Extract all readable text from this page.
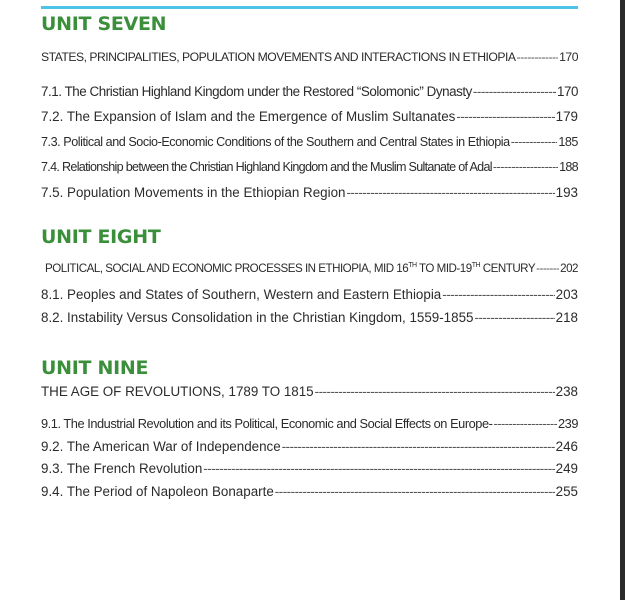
UNIT SEVEN
STATES, PRINCIPALITIES, POPULATION MOVEMENTS AND INTERACTIONS IN ETHIOPIA -----	170
7.1. The Christian Highland Kingdom under the Restored “Solomonic” Dynasty -----	170
7.2. The Expansion of Islam and the Emergence of Muslim Sultanates -----	179
7.3. Political and Socio-Economic Conditions of the Southern and Central States in Ethiopia -----	185
7.4. Relationship between the Christian Highland Kingdom and the Muslim Sultanate of Adal -----	188
7.5. Population Movements in the Ethiopian Region -----	193
UNIT EIGHT
POLITICAL, SOCIAL AND ECONOMIC PROCESSES IN ETHIOPIA, MID 16TH TO MID-19TH CENTURY ----- 202
8.1. Peoples and States of Southern, Western and Eastern Ethiopia -----	203
8.2. Instability Versus Consolidation in the Christian Kingdom, 1559-1855 -----	218
UNIT NINE
THE AGE OF REVOLUTIONS, 1789 TO 1815 -----	238
9.1. The Industrial Revolution and its Political, Economic and Social Effects on Europe- -----	239
9.2. The American War of Independence -----	246
9.3. The French Revolution -----	249
9.4. The Period of Napoleon Bonaparte -----	255
